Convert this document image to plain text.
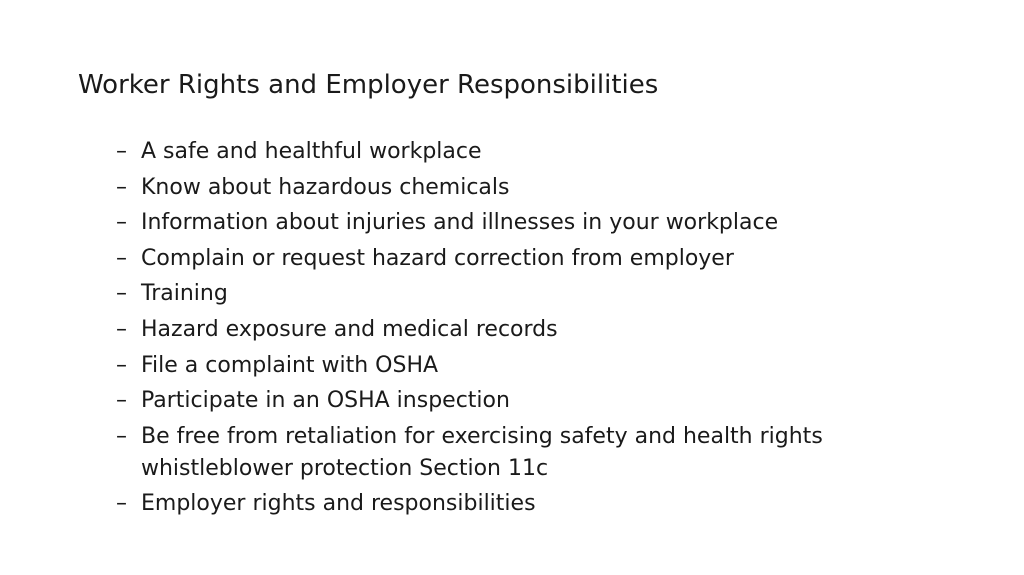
Worker Rights and Employer Responsibilities
– A safe and healthful workplace
– Know about hazardous chemicals
– Information about injuries and illnesses in your workplace
– Complain or request hazard correction from employer
– Training
– Hazard exposure and medical records
– File a complaint with OSHA
– Participate in an OSHA inspection
– Be free from retaliation for exercising safety and health rights
whistleblower protection Section 11c
– Employer rights and responsibilities
